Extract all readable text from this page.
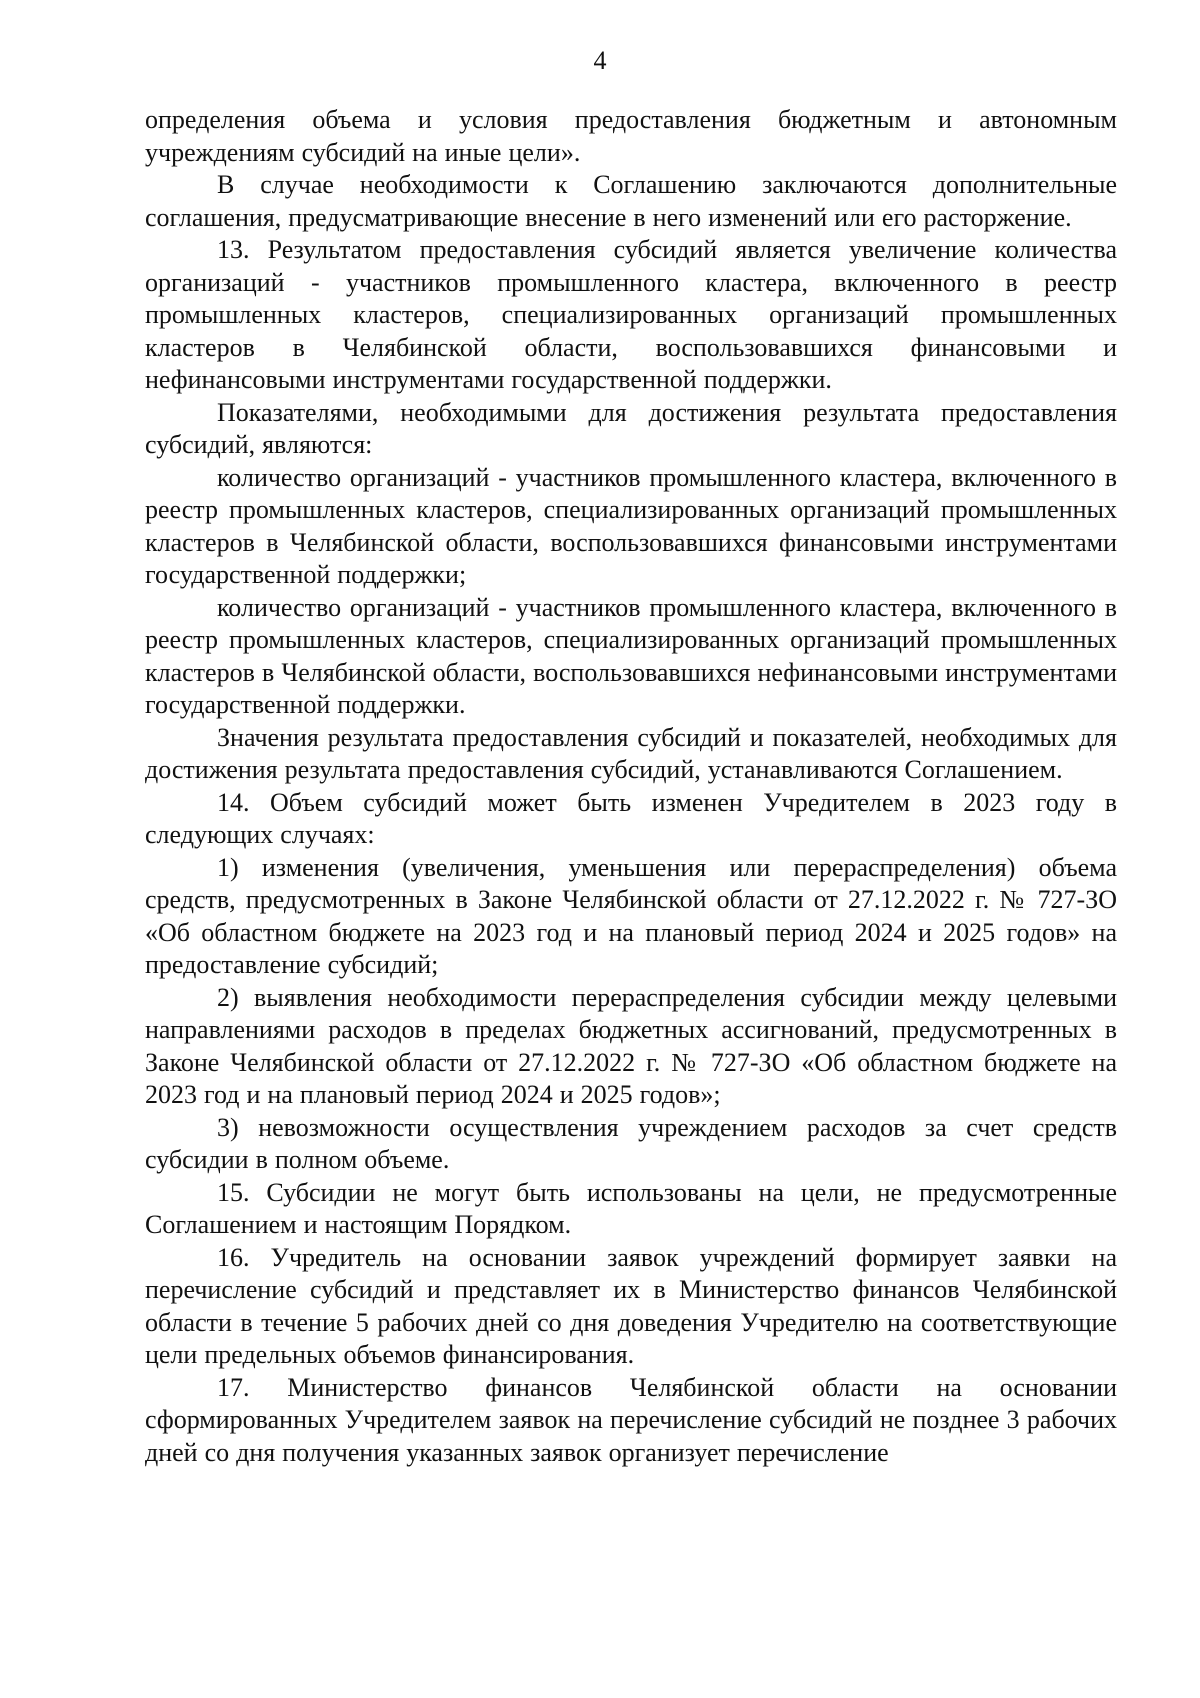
4

определения объема и условия предоставления бюджетным и автономным учреждениям субсидий на иные цели».

В случае необходимости к Соглашению заключаются дополнительные соглашения, предусматривающие внесение в него изменений или его расторжение.

13. Результатом предоставления субсидий является увеличение количества организаций - участников промышленного кластера, включенного в реестр промышленных кластеров, специализированных организаций промышленных кластеров в Челябинской области, воспользовавшихся финансовыми и нефинансовыми инструментами государственной поддержки.

Показателями, необходимыми для достижения результата предоставления субсидий, являются:

количество организаций - участников промышленного кластера, включенного в реестр промышленных кластеров, специализированных организаций промышленных кластеров в Челябинской области, воспользовавшихся финансовыми инструментами государственной поддержки;

количество организаций - участников промышленного кластера, включенного в реестр промышленных кластеров, специализированных организаций промышленных кластеров в Челябинской области, воспользовавшихся нефинансовыми инструментами государственной поддержки.

Значения результата предоставления субсидий и показателей, необходимых для достижения результата предоставления субсидий, устанавливаются Соглашением.

14. Объем субсидий может быть изменен Учредителем в 2023 году в следующих случаях:

1) изменения (увеличения, уменьшения или перераспределения) объема средств, предусмотренных в Законе Челябинской области от 27.12.2022 г. № 727-ЗО «Об областном бюджете на 2023 год и на плановый период 2024 и 2025 годов» на предоставление субсидий;

2) выявления необходимости перераспределения субсидии между целевыми направлениями расходов в пределах бюджетных ассигнований, предусмотренных в Законе Челябинской области от 27.12.2022 г. № 727-ЗО «Об областном бюджете на 2023 год и на плановый период 2024 и 2025 годов»;

3) невозможности осуществления учреждением расходов за счет средств субсидии в полном объеме.

15. Субсидии не могут быть использованы на цели, не предусмотренные Соглашением и настоящим Порядком.

16. Учредитель на основании заявок учреждений формирует заявки на перечисление субсидий и представляет их в Министерство финансов Челябинской области в течение 5 рабочих дней со дня доведения Учредителю на соответствующие цели предельных объемов финансирования.

17. Министерство финансов Челябинской области на основании сформированных Учредителем заявок на перечисление субсидий не позднее 3 рабочих дней со дня получения указанных заявок организует перечисление
